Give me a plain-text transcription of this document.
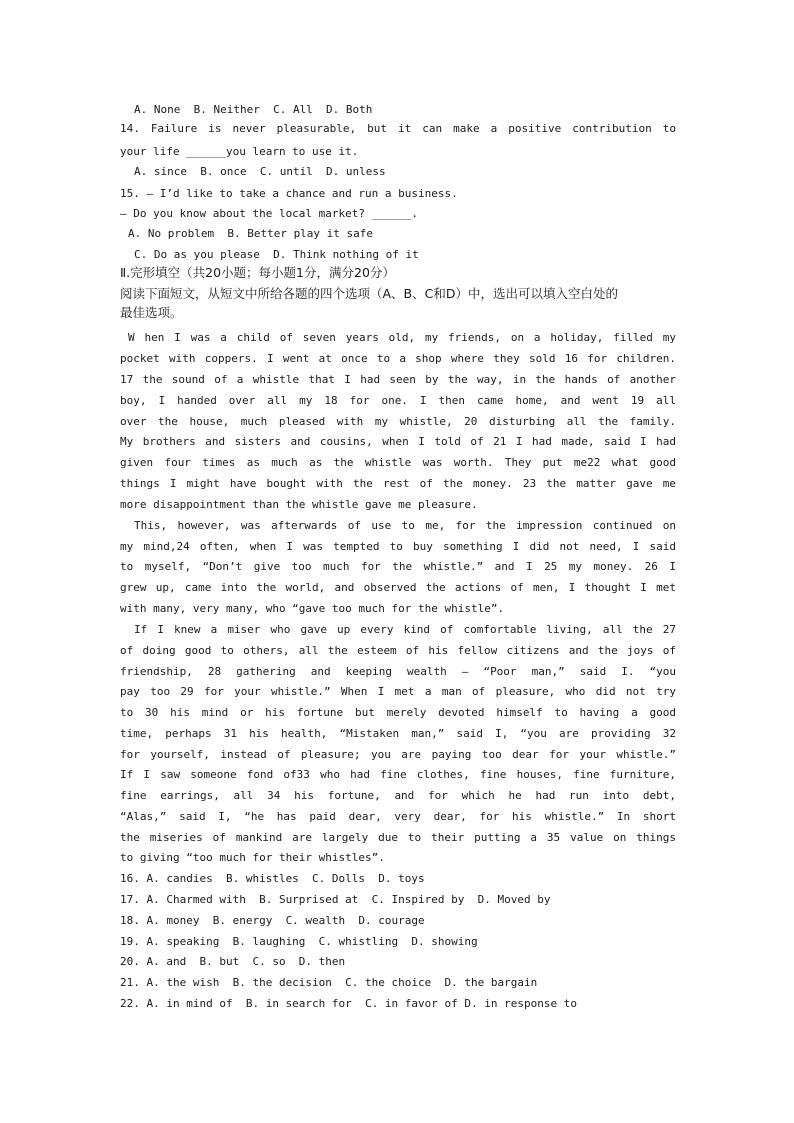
A. None  B. Neither  C. All  D. Both
14. Failure is never pleasurable, but it can make a positive contribution to
your life ______you learn to use it.
A. since  B. once  C. until  D. unless
15. — I’d like to take a chance and run a business.
— Do you know about the local market? ______.
A. No problem  B. Better play it safe
C. Do as you please  D. Think nothing of it
Ⅱ.完形填空（共20小题；每小题1分，满分20分）
阅读下面短文，从短文中所给各题的四个选项（A、B、C和D）中，选出可以填入空白处的
最佳选项。
W hen I was a child of seven years old, my friends, on a holiday, filled my
pocket with coppers. I went at once to a shop where they sold 16 for children.
17 the sound of a whistle that I had seen by the way, in the hands of another
boy, I handed over all my 18 for one. I then came home, and went 19 all
over the house, much pleased with my whistle, 20 disturbing all the family.
My brothers and sisters and cousins, when I told of 21 I had made, said I had
given four times as much as the whistle was worth. They put me22 what good
things I might have bought with the rest of the money. 23 the matter gave me
more disappointment than the whistle gave me pleasure.
This, however, was afterwards of use to me, for the impression continued on
my mind,24 often, when I was tempted to buy something I did not need, I said
to myself, “Don’t give too much for the whistle.” and I 25 my money. 26 I
grew up, came into the world, and observed the actions of men, I thought I met
with many, very many, who “gave too much for the whistle”.
If I knew a miser who gave up every kind of comfortable living, all the 27
of doing good to others, all the esteem of his fellow citizens and the joys of
friendship, 28 gathering and keeping wealth — “Poor man,” said I. “you
pay too 29 for your whistle.” When I met a man of pleasure, who did not try
to 30 his mind or his fortune but merely devoted himself to having a good
time, perhaps 31 his health, “Mistaken man,” said I, “you are providing 32
for yourself, instead of pleasure; you are paying too dear for your whistle.”
If I saw someone fond of33 who had fine clothes, fine houses, fine furniture,
fine earrings, all 34 his fortune, and for which he had run into debt,
“Alas,” said I, “he has paid dear, very dear, for his whistle.” In short
the miseries of mankind are largely due to their putting a 35 value on things
to giving “too much for their whistles”.
16. A. candies  B. whistles  C. Dolls  D. toys
17. A. Charmed with  B. Surprised at  C. Inspired by  D. Moved by
18. A. money  B. energy  C. wealth  D. courage
19. A. speaking  B. laughing  C. whistling  D. showing
20. A. and  B. but  C. so  D. then
21. A. the wish  B. the decision  C. the choice  D. the bargain
22. A. in mind of  B. in search for  C. in favor of D. in response to
